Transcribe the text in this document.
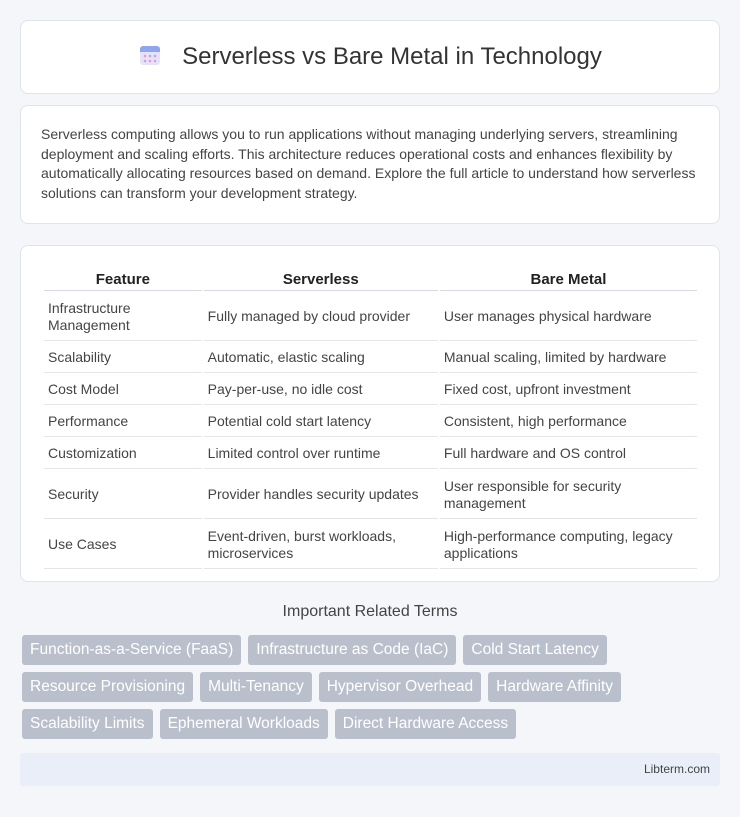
Serverless vs Bare Metal in Technology

Serverless computing allows you to run applications without managing underlying servers, streamlining deployment and scaling efforts. This architecture reduces operational costs and enhances flexibility by automatically allocating resources based on demand. Explore the full article to understand how serverless solutions can transform your development strategy.

Feature	Serverless	Bare Metal
Infrastructure Management	Fully managed by cloud provider	User manages physical hardware
Scalability	Automatic, elastic scaling	Manual scaling, limited by hardware
Cost Model	Pay-per-use, no idle cost	Fixed cost, upfront investment
Performance	Potential cold start latency	Consistent, high performance
Customization	Limited control over runtime	Full hardware and OS control
Security	Provider handles security updates	User responsible for security management
Use Cases	Event-driven, burst workloads, microservices	High-performance computing, legacy applications
Important Related Terms
Function-as-a-Service (FaaS)	Infrastructure as Code (IaC)	Cold Start Latency
Resource Provisioning	Multi-Tenancy	Hypervisor Overhead	Hardware Affinity
Scalability Limits	Ephemeral Workloads	Direct Hardware Access
Libterm.com
